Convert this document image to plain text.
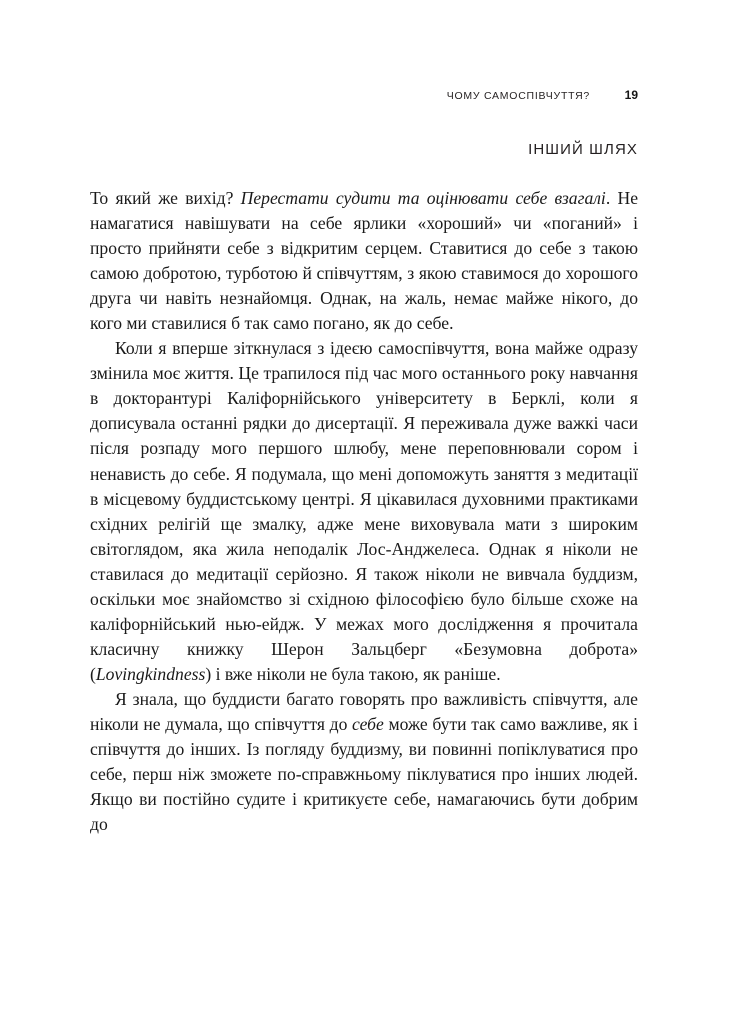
ЧОМУ САМОСПІВЧУТТЯ?	19
ІНШИЙ ШЛЯХ

То який же вихід? Перестати судити та оцінювати себе взагалі. Не намагатися навішувати на себе ярлики «хороший» чи «поганий» і просто прийняти себе з відкритим серцем. Ставитися до себе з такою самою добротою, турботою й співчуттям, з якою ставимося до хорошого друга чи навіть незнайомця. Однак, на жаль, немає майже нікого, до кого ми ставилися б так само погано, як до себе.

Коли я вперше зіткнулася з ідеєю самоспівчуття, вона майже одразу змінила моє життя. Це трапилося під час мого останнього року навчання в докторантурі Каліфорнійського університету в Берклі, коли я дописувала останні рядки до дисертації. Я переживала дуже важкі часи після розпаду мого першого шлюбу, мене переповнювали сором і ненависть до себе. Я подумала, що мені допоможуть заняття з медитації в місцевому буддистському центрі. Я цікавилася духовними практиками східних релігій ще змалку, адже мене виховувала мати з широким світоглядом, яка жила неподалік Лос-Анджелеса. Однак я ніколи не ставилася до медитації серйозно. Я також ніколи не вивчала буддизм, оскільки моє знайомство зі східною філософією було більше схоже на каліфорнійський нью-ейдж. У межах мого дослідження я прочитала класичну книжку Шерон Зальцберг «Безумовна доброта» (Lovingkindness) і вже ніколи не була такою, як раніше.

Я знала, що буддисти багато говорять про важливість співчуття, але ніколи не думала, що співчуття до себе може бути так само важливе, як і співчуття до інших. Із погляду буддизму, ви повинні попіклуватися про себе, перш ніж зможете по-справжньому піклуватися про інших людей. Якщо ви постійно судите і критикуєте себе, намагаючись бути добрим до
